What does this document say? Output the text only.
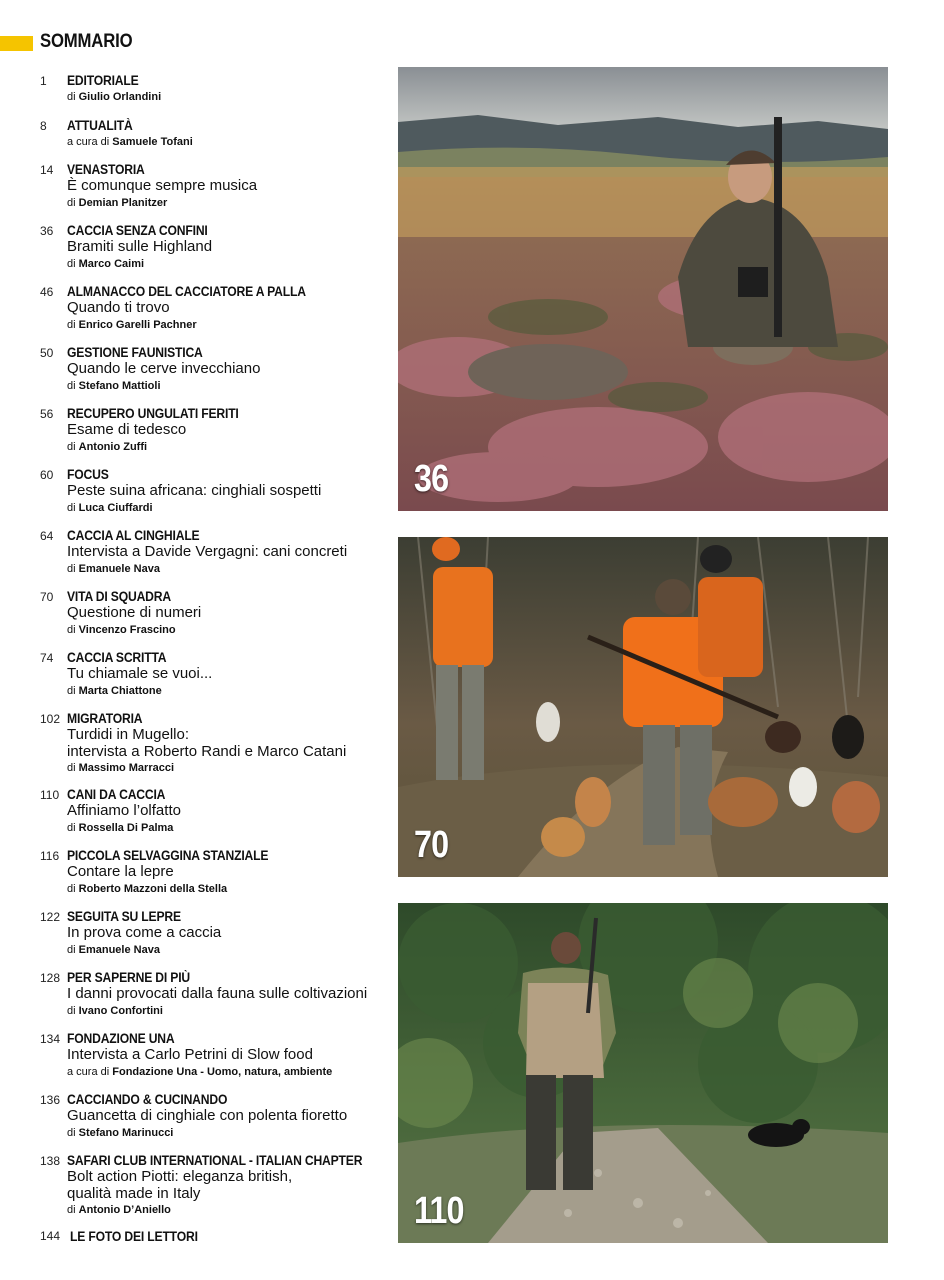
SOMMARIO
1	EDITORIALE
di Giulio Orlandini
8	ATTUALITÀ
a cura di Samuele Tofani
14	VENASTORIA
È comunque sempre musica
di Demian Planitzer
36	CACCIA SENZA CONFINI
Bramiti sulle Highland
di Marco Caimi
46	ALMANACCO DEL CACCIATORE A PALLA
Quando ti trovo
di Enrico Garelli Pachner
50	GESTIONE FAUNISTICA
Quando le cerve invecchiano
di Stefano Mattioli
56	RECUPERO UNGULATI FERITI
Esame di tedesco
di Antonio Zuffi
60	FOCUS
Peste suina africana: cinghiali sospetti
di Luca Ciuffardi
64	CACCIA AL CINGHIALE
Intervista a Davide Vergagni: cani concreti
di Emanuele Nava
70	VITA DI SQUADRA
Questione di numeri
di Vincenzo Frascino
74	CACCIA SCRITTA
Tu chiamale se vuoi...
di Marta Chiattone
102 MIGRATORIA
Turdidi in Mugello:
intervista a Roberto Randi e Marco Catani
di Massimo Marracci
110 CANI DA CACCIA
Affiniamo l’olfatto
di Rossella Di Palma
116 PICCOLA SELVAGGINA STANZIALE
Contare la lepre
di Roberto Mazzoni della Stella
122 SEGUITA SU LEPRE
In prova come a caccia
di Emanuele Nava
128 PER SAPERNE DI PIÙ
I danni provocati dalla fauna sulle coltivazioni
di Ivano Confortini
134 FONDAZIONE UNA
Intervista a Carlo Petrini di Slow food
a cura di Fondazione Una - Uomo, natura, ambiente
136 CACCIANDO & CUCINANDO
Guancetta di cinghiale con polenta fioretto
di Stefano Marinucci
138 SAFARI CLUB INTERNATIONAL - ITALIAN CHAPTER
Bolt action Piotti: eleganza british,
qualità made in Italy
di Antonio D’Aniello
144 LE FOTO DEI LETTORI
36
70
110
